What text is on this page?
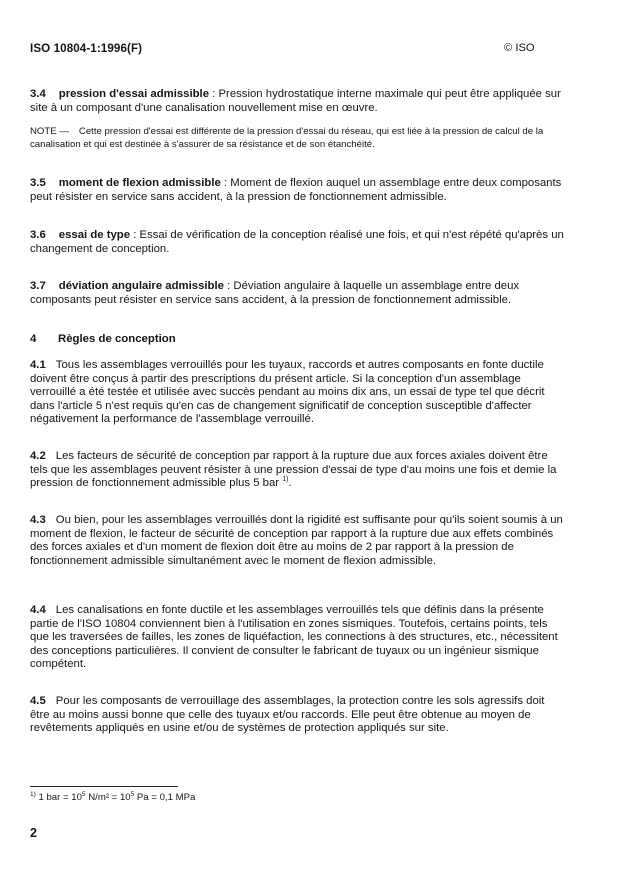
ISO 10804-1:1996(F)	© ISO
3.4 pression d'essai admissible : Pression hydrostatique interne maximale qui peut être appliquée sur site à un composant d'une canalisation nouvellement mise en œuvre.
NOTE — Cette pression d'essai est différente de la pression d'essai du réseau, qui est liée à la pression de calcul de la canalisation et qui est destinée à s'assurer de sa résistance et de son étanchéité.
3.5 moment de flexion admissible : Moment de flexion auquel un assemblage entre deux composants peut résister en service sans accident, à la pression de fonctionnement admissible.
3.6 essai de type : Essai de vérification de la conception réalisé une fois, et qui n'est répété qu'après un changement de conception.
3.7 déviation angulaire admissible : Déviation angulaire à laquelle un assemblage entre deux composants peut résister en service sans accident, à la pression de fonctionnement admissible.
4 Règles de conception
4.1 Tous les assemblages verrouillés pour les tuyaux, raccords et autres composants en fonte ductile doivent être conçus à partir des prescriptions du présent article. Si la conception d'un assemblage verrouillé a été testée et utilisée avec succès pendant au moins dix ans, un essai de type tel que décrit dans l'article 5 n'est requis qu'en cas de changement significatif de conception susceptible d'affecter négativement la performance de l'assemblage verrouillé.
4.2 Les facteurs de sécurité de conception par rapport à la rupture due aux forces axiales doivent être tels que les assemblages peuvent résister à une pression d'essai de type d'au moins une fois et demie la pression de fonctionnement admissible plus 5 bar $^{1)}$.
4.3 Ou bien, pour les assemblages verrouillés dont la rigidité est suffisante pour qu'ils soient soumis à un moment de flexion, le facteur de sécurité de conception par rapport à la rupture due aux effets combinés des forces axiales et d'un moment de flexion doit être au moins de 2 par rapport à la pression de fonctionnement admissible simultanément avec le moment de flexion admissible.
4.4 Les canalisations en fonte ductile et les assemblages verrouillés tels que définis dans la présente partie de l'ISO 10804 conviennent bien à l'utilisation en zones sismiques. Toutefois, certains points, tels que les traversées de failles, les zones de liquéfaction, les connections à des structures, etc., nécessitent des conceptions particulières. Il convient de consulter le fabricant de tuyaux ou un ingénieur sismique compétent.
4.5 Pour les composants de verrouillage des assemblages, la protection contre les sols agressifs doit être au moins aussi bonne que celle des tuyaux et/ou raccords. Elle peut être obtenue au moyen de revêtements appliqués en usine et/ou de systèmes de protection appliqués sur site.
$^{1)}$ 1 bar = $10^5$ $N/m^2 = 10^5$ Pa = 0,1 MPa
2
